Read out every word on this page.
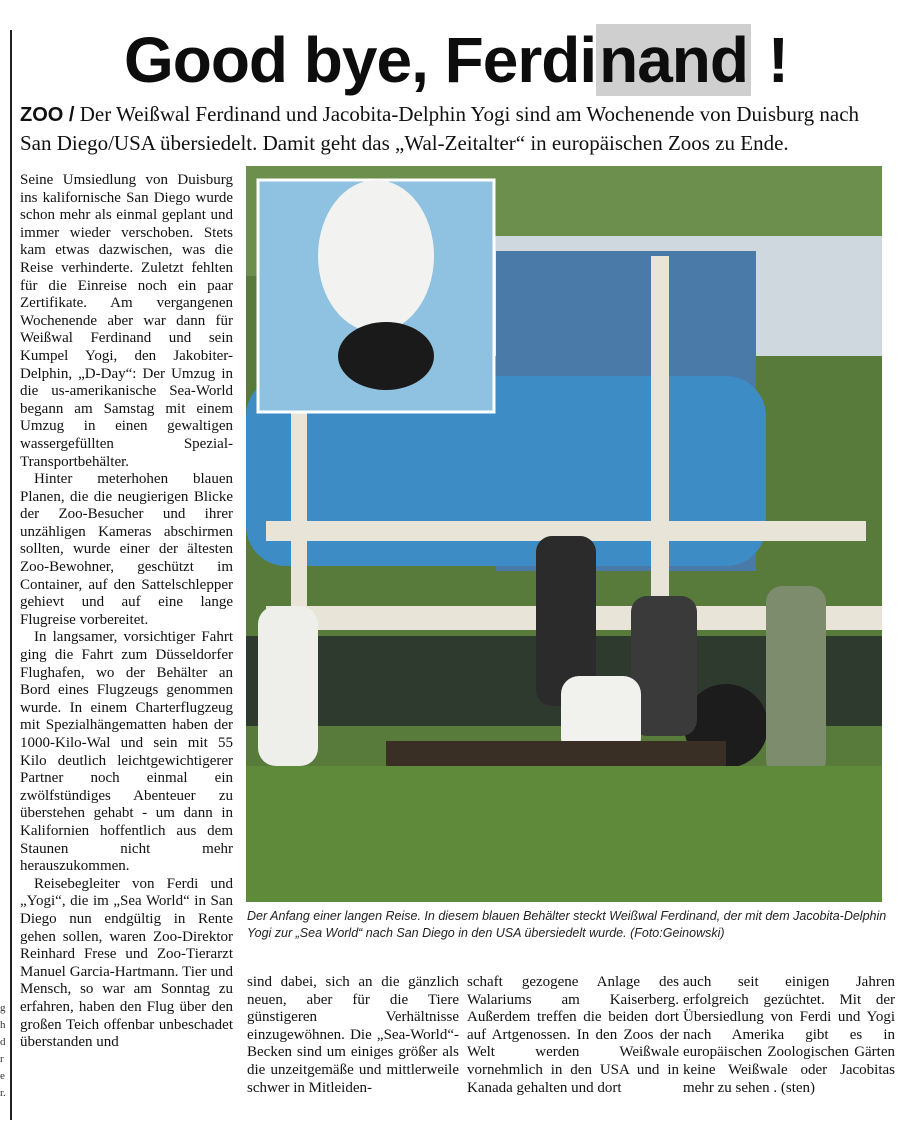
g h d r e r.
Good bye, Ferdinand !
ZOO / Der Weißwal Ferdinand und Jacobita-Delphin Yogi sind am Wochenende von Duisburg nach San Diego/USA übersiedelt. Damit geht das „Wal-Zeitalter“ in europäischen Zoos zu Ende.

Seine Umsiedlung von Duisburg ins kalifornische San Diego wurde schon mehr als einmal geplant und immer wieder verschoben. Stets kam etwas dazwischen, was die Reise verhinderte. Zuletzt fehlten für die Einreise noch ein paar Zertifikate. Am vergangenen Wochenende aber war dann für Weißwal Ferdinand und sein Kumpel Yogi, den Jakobiter-Delphin, „D-Day“: Der Umzug in die us-amerikanische Sea-World begann am Samstag mit einem Umzug in einen gewaltigen wassergefüllten Spezial-Transportbehälter.

Hinter meterhohen blauen Planen, die die neugierigen Blicke der Zoo-Besucher und ihrer unzähligen Kameras abschirmen sollten, wurde einer der ältesten Zoo-Bewohner, geschützt im Container, auf den Sattelschlepper gehievt und auf eine lange Flugreise vorbereitet.

In langsamer, vorsichtiger Fahrt ging die Fahrt zum Düsseldorfer Flughafen, wo der Behälter an Bord eines Flugzeugs genommen wurde. In einem Charterflugzeug mit Spezialhängematten haben der 1000-Kilo-Wal und sein mit 55 Kilo deutlich leichtgewichtigerer Partner noch einmal ein zwölfstündiges Abenteuer zu überstehen gehabt - um dann in Kalifornien hoffentlich aus dem Staunen nicht mehr herauszukommen.

Reisebegleiter von Ferdi und „Yogi“, die im „Sea World“ in San Diego nun endgültig in Rente gehen sollen, waren Zoo-Direktor Reinhard Frese und Zoo-Tierarzt Manuel Garcia-Hartmann. Tier und Mensch, so war am Sonntag zu erfahren, haben den Flug über den großen Teich offenbar unbeschadet überstanden und

Der Anfang einer langen Reise. In diesem blauen Behälter steckt Weißwal Ferdinand, der mit dem Jacobita-Delphin Yogi zur „Sea World“ nach San Diego in den USA übersiedelt wurde. (Foto:Geinowski)

sind dabei, sich an die gänzlich neuen, aber für die Tiere günstigeren Verhältnisse einzugewöhnen. Die „Sea-World“-Becken sind um einiges größer als die unzeitgemäße und mittlerweile schwer in Mitleiden-

schaft gezogene Anlage des Walariums am Kaiserberg. Außerdem treffen die beiden dort auf Artgenossen. In den Zoos der Welt werden Weißwale vornehmlich in den USA und in Kanada gehalten und dort

auch seit einigen Jahren erfolgreich gezüchtet. Mit der Übersiedlung von Ferdi und Yogi nach Amerika gibt es in europäischen Zoologischen Gärten keine Weißwale oder Jacobitas mehr zu sehen . (sten)
